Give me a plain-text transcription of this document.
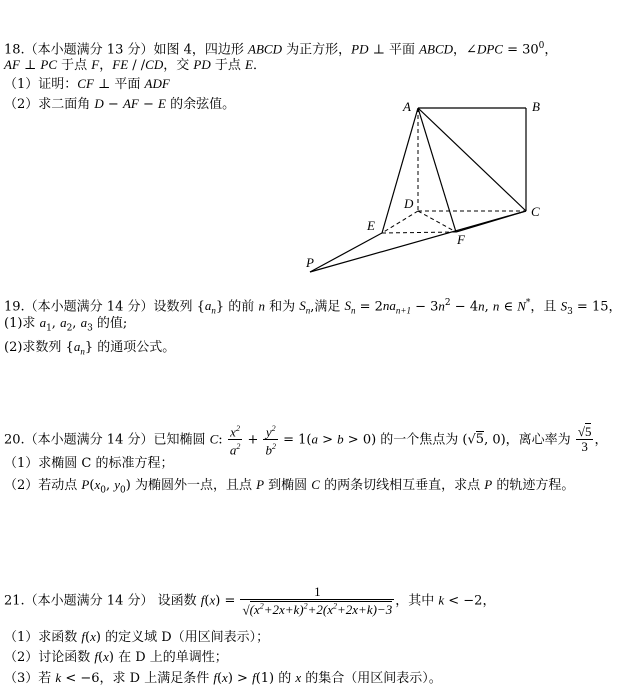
18.（本小题满分 13 分）如图 4，四边形 ABCD 为正方形，PD ⊥ 平面 ABCD，∠DPC = $30^0$，
AF ⊥ PC 于点 F，FE / /CD，交 PD 于点 E．
（1）证明：CF ⊥ 平面 ADF
（2）求二面角 D − AF − E 的余弦值。	A	B
C
D
E
F
P
19.（本小题满分 14 分）设数列 $\{a_n\}$ 的前 n 和为 $S_n$,满足 $S_n = 2na_{n+1} - 3n^2 - 4n$, n ∈ N*，且 $S_3 = 15$，
(1)求 $a_1$, $a_2$, $a_3$ 的值;
(2)求数列 $\{a_n\}$ 的通项公式。
20.（本小题满分 14 分）已知椭圆 C: $\frac{x^2}{a^2} + \frac{y^2}{b^2} = 1(a > b > 0)$ 的一个焦点为 (√5, 0)，离心率为 $\frac{√5}{3}$ ，
（1）求椭圆 C 的标准方程；
（2）若动点 $P(x_0$, $y_0$) 为椭圆外一点，且点 P 到椭圆 C 的两条切线相互垂直，求点 P 的轨迹方程。
21.（本小题满分 14 分） 设函数 $f(x) = \frac{1}{√(x^2+2x+k)^2+2(x^2+2x+k)-3}$ ，其中 k < −2，
（1）求函数 f(x) 的定义域 D（用区间表示）；
（2）讨论函数 f(x) 在 D 上的单调性；
（3）若 k < −6，求 D 上满足条件 f(x) > f(1) 的 x 的集合（用区间表示）。
